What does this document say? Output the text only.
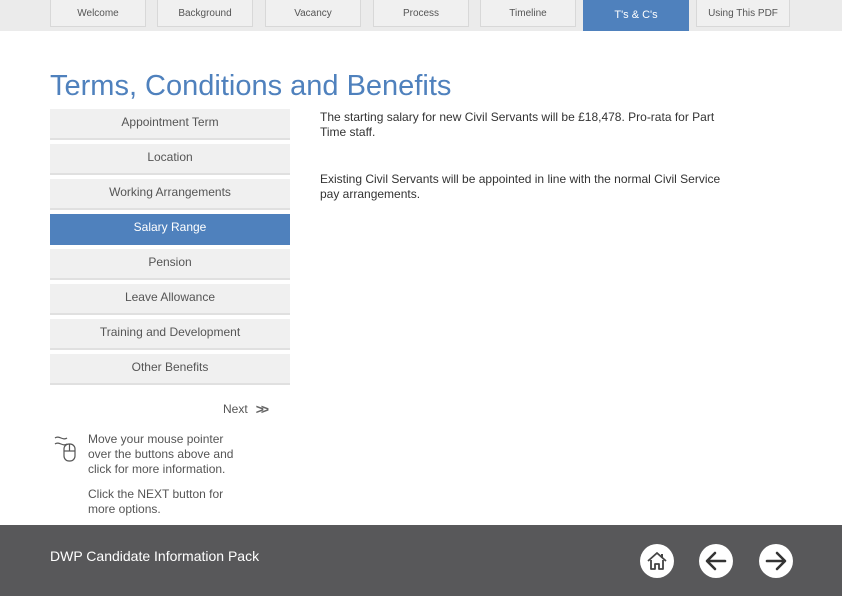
Welcome	Background	Vacancy	Process	Timeline	T's & C's	Using This PDF
Terms, Conditions and Benefits
Appointment Term
Location
Working Arrangements
Salary Range
Pension
Leave Allowance
Training and Development
Other Benefits
The starting salary for new Civil Servants will be £18,478. Pro-rata for Part Time staff.
Existing Civil Servants will be appointed in line with the normal Civil Service pay arrangements.
Next >>
Move your mouse pointer over the buttons above and click for more information.
Click the NEXT button for more options.
DWP Candidate Information Pack
